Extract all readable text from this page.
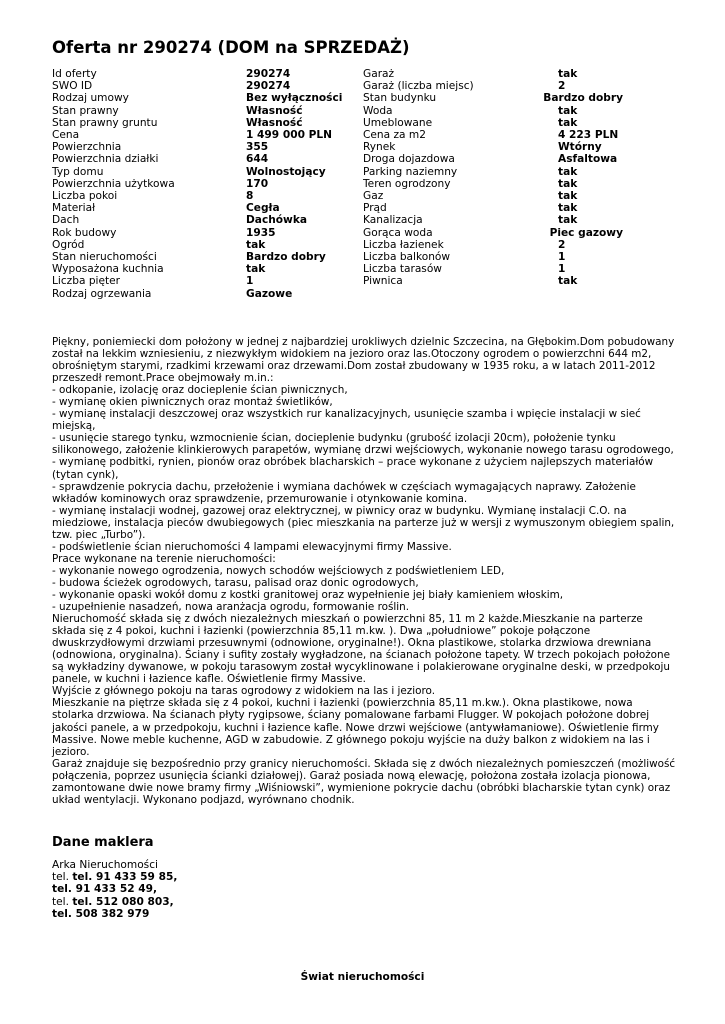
Oferta nr 290274 (DOM na SPRZEDAŻ)
Id oferty	290274
SWO ID	290274
Rodzaj umowy	Bez wyłączności
Stan prawny	Własność
Stan prawny gruntu	Własność
Cena	1 499 000 PLN
Powierzchnia	355
Powierzchnia działki	644
Typ domu	Wolnostojący
Powierzchnia użytkowa	170
Liczba pokoi	8
Materiał	Cegła
Dach	Dachówka
Rok budowy	1935
Ogród	tak
Stan nieruchomości	Bardzo dobry
Wyposażona kuchnia	tak
Liczba pięter	1
Rodzaj ogrzewania	Gazowe
Garaż	tak
Garaż (liczba miejsc)	2
Stan budynku	Bardzo dobry
Woda	tak
Umeblowane	tak
Cena za m2	4 223 PLN
Rynek	Wtórny
Droga dojazdowa	Asfaltowa
Parking naziemny	tak
Teren ogrodzony	tak
Gaz	tak
Prąd	tak
Kanalizacja	tak
Gorąca woda	Piec gazowy
Liczba łazienek	2
Liczba balkonów	1
Liczba tarasów	1
Piwnica	tak

Piękny, poniemiecki dom położony w jednej z najbardziej urokliwych dzielnic Szczecina, na Głębokim.Dom pobudowany został na lekkim wzniesieniu, z niezwykłym widokiem na jezioro oraz las.Otoczony ogrodem o powierzchni 644 m2, obrośniętym starymi, rzadkimi krzewami oraz drzewami.Dom został zbudowany w 1935 roku, a w latach 2011-2012 przeszedł remont.Prace obejmowały m.in.:

- odkopanie, izolację oraz docieplenie ścian piwnicznych,

- wymianę okien piwnicznych oraz montaż świetlików,

- wymianę instalacji deszczowej oraz wszystkich rur kanalizacyjnych, usunięcie szamba i wpięcie instalacji w sieć miejską,

- usunięcie starego tynku, wzmocnienie ścian, docieplenie budynku (grubość izolacji 20cm), położenie tynku silikonowego, założenie klinkierowych parapetów, wymianę drzwi wejściowych, wykonanie nowego tarasu ogrodowego,

- wymianę podbitki, rynien, pionów oraz obróbek blacharskich – prace wykonane z użyciem najlepszych materiałów (tytan cynk),

- sprawdzenie pokrycia dachu, przełożenie i wymiana dachówek w częściach wymagających naprawy. Założenie wkładów kominowych oraz sprawdzenie, przemurowanie i otynkowanie komina.

- wymianę instalacji wodnej, gazowej oraz elektrycznej, w piwnicy oraz w budynku. Wymianę instalacji C.O. na miedziowe, instalacja pieców dwubiegowych (piec mieszkania na parterze już w wersji z wymuszonym obiegiem spalin, tzw. piec „Turbo”).

- podświetlenie ścian nieruchomości 4 lampami elewacyjnymi firmy Massive.

Prace wykonane na terenie nieruchomości:

- wykonanie nowego ogrodzenia, nowych schodów wejściowych z podświetleniem LED,

- budowa ścieżek ogrodowych, tarasu, palisad oraz donic ogrodowych,

- wykonanie opaski wokół domu z kostki granitowej oraz wypełnienie jej biały kamieniem włoskim,

- uzupełnienie nasadzeń, nowa aranżacja ogrodu, formowanie roślin.

Nieruchomość składa się z dwóch niezależnych mieszkań o powierzchni 85, 11 m 2 każde.Mieszkanie na parterze składa się z 4 pokoi, kuchni i łazienki (powierzchnia 85,11 m.kw. ). Dwa „południowe” pokoje połączone dwuskrzydłowymi drzwiami przesuwnymi (odnowione, oryginalne!). Okna plastikowe, stolarka drzwiowa drewniana (odnowiona, oryginalna). Ściany i sufity zostały wygładzone, na ścianach położone tapety. W trzech pokojach położone są wykładziny dywanowe, w pokoju tarasowym został wycyklinowane i polakierowane oryginalne deski, w przedpokoju panele, w kuchni i łazience kafle. Oświetlenie firmy Massive.

Wyjście z głównego pokoju na taras ogrodowy z widokiem na las i jezioro.

Mieszkanie na piętrze składa się z 4 pokoi, kuchni i łazienki (powierzchnia 85,11 m.kw.). Okna plastikowe, nowa stolarka drzwiowa. Na ścianach płyty rygipsowe, ściany pomalowane farbami Flugger. W pokojach położone dobrej jakości panele, a w przedpokoju, kuchni i łazience kafle. Nowe drzwi wejściowe (antywłamaniowe). Oświetlenie firmy Massive. Nowe meble kuchenne, AGD w zabudowie. Z głównego pokoju wyjście na duży balkon z widokiem na las i jezioro.

Garaż znajduje się bezpośrednio przy granicy nieruchomości. Składa się z dwóch niezależnych pomieszczeń (możliwość połączenia, poprzez usunięcia ścianki działowej). Garaż posiada nową elewację, położona została izolacja pionowa, zamontowane dwie nowe bramy firmy „Wiśniowski”, wymienione pokrycie dachu (obróbki blacharskie tytan cynk) oraz układ wentylacji. Wykonano podjazd, wyrównano chodnik.

Dane maklera
Arka Nieruchomości
tel. tel. 91 433 59 85,
tel. 91 433 52 49,
tel. tel. 512 080 803,
tel. 508 382 979
Świat nieruchomości
